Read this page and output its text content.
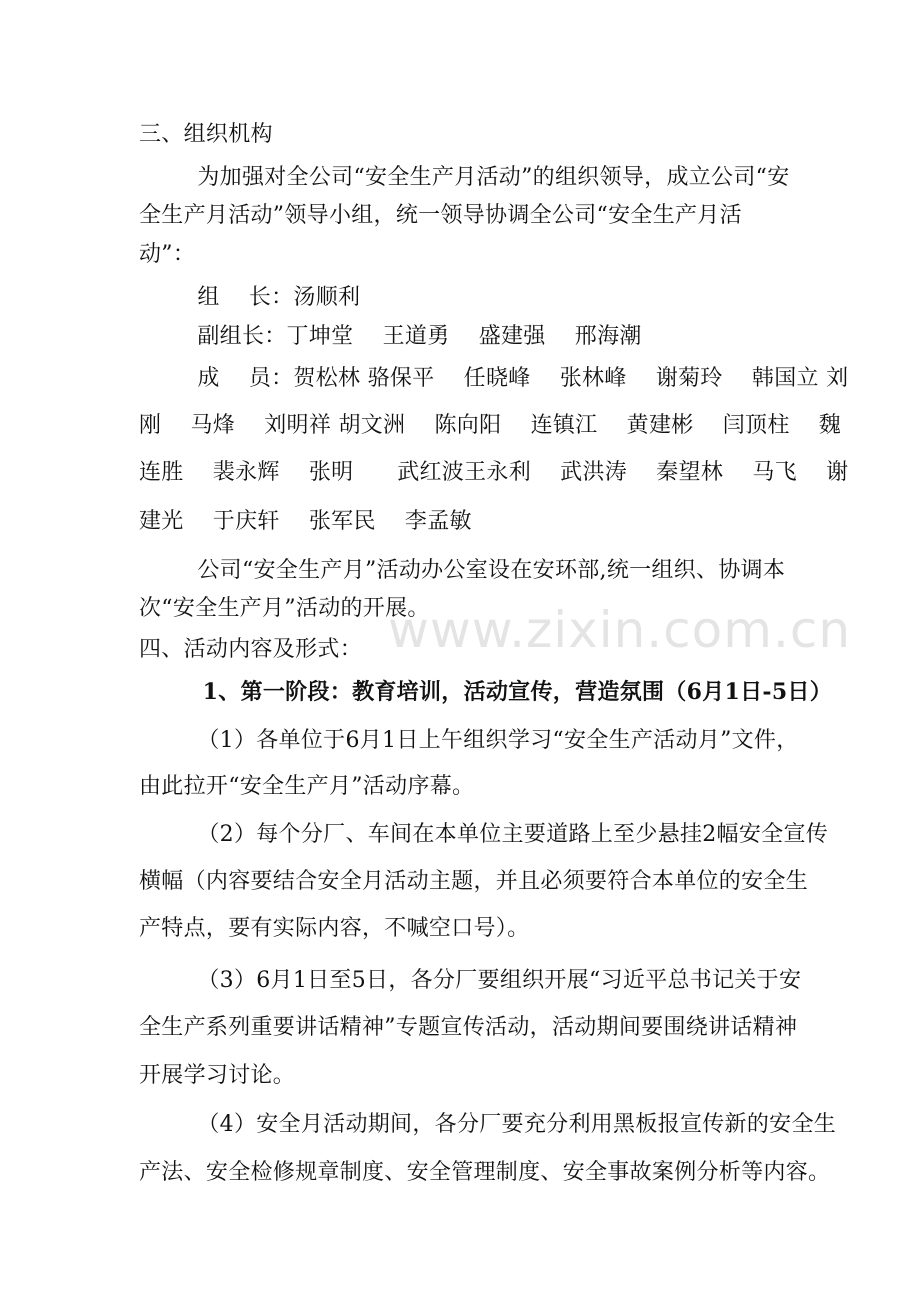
三、组织机构
为加强对全公司“安全生产月活动”的组织领导，成立公司“安
全生产月活动”领导小组，统一领导协调全公司“安全生产月活
动”：
组    长：汤顺利
副组长：丁坤堂    王道勇    盛建强    邢海潮
成    员：贺松林 骆保平    任晓峰    张林峰    谢菊玲    韩国立 刘
刚    马烽    刘明祥 胡文洲    陈向阳    连镇江    黄建彬    闫顶柱    魏
连胜    裴永辉    张明      武红波王永利    武洪涛    秦望林    马飞    谢
建光    于庆轩    张军民    李孟敏
公司“安全生产月”活动办公室设在安环部,统一组织、协调本
次“安全生产月”活动的开展。
四、活动内容及形式：
1、第一阶段：教育培训，活动宣传，营造氛围（6月1日-5日）
（1）各单位于6月1日上午组织学习“安全生产活动月”文件，
由此拉开“安全生产月”活动序幕。
（2）每个分厂、车间在本单位主要道路上至少悬挂2幅安全宣传
横幅（内容要结合安全月活动主题，并且必须要符合本单位的安全生
产特点，要有实际内容，不喊空口号）。
（3）6月1日至5日，各分厂要组织开展“习近平总书记关于安
全生产系列重要讲话精神”专题宣传活动，活动期间要围绕讲话精神
开展学习讨论。
（4）安全月活动期间，各分厂要充分利用黑板报宣传新的安全生
产法、安全检修规章制度、安全管理制度、安全事故案例分析等内容。
www.zixin.com.cn
